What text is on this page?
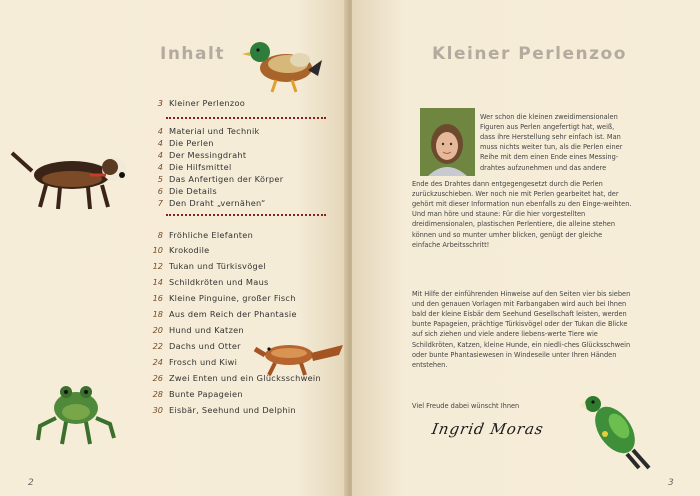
Inhalt
2
Kleiner Perlenzoo
3
3 Kleiner Perlenzoo
4 Material und Technik
4 Die Perlen
4 Der Messingdraht
4 Die Hilfsmittel
5 Das Anfertigen der Körper
6 Die Details
7 Den Draht „vernähen“
8 Fröhliche Elefanten
10 Krokodile
12 Tukan und Türkisvögel
14 Schildkröten und Maus
16 Kleine Pinguine, großer Fisch
18 Aus dem Reich der Phantasie
20 Hund und Katzen
22 Dachs und Otter
24 Frosch und Kiwi
26 Zwei Enten und ein Glücksschwein
28 Bunte Papageien
30 Eisbär, Seehund und Delphin

Wer schon die kleinen zweidimensionalen Figuren aus Perlen angefertigt hat, weiß, dass ihre Herstellung sehr einfach ist. Man muss nichts weiter tun, als die Perlen einer Reihe mit dem einen Ende eines Messing-drahtes aufzunehmen und das andere

Ende des Drahtes dann entgegengesetzt durch die Perlen zurückzuschieben. Wer noch nie mit Perlen gearbeitet hat, der gehört mit dieser Information nun ebenfalls zu den Einge-weihten. Und man höre und staune: Für die hier vorgestellten dreidimensionalen, plastischen Perlentiere, die alleine stehen können und so munter umher blicken, genügt der gleiche einfache Arbeitsschritt!

Mit Hilfe der einführenden Hinweise auf den Seiten vier bis sieben und den genauen Vorlagen mit Farbangaben wird auch bei Ihnen bald der kleine Eisbär dem Seehund Gesellschaft leisten, werden bunte Papageien, prächtige Türkisvögel oder der Tukan die Blicke auf sich ziehen und viele andere liebens-werte Tiere wie Schildkröten, Katzen, kleine Hunde, ein niedli-ches Glücksschwein oder bunte Phantasiewesen in Windeseile unter Ihren Händen entstehen.

Viel Freude dabei wünscht Ihnen

Ingrid Moras
